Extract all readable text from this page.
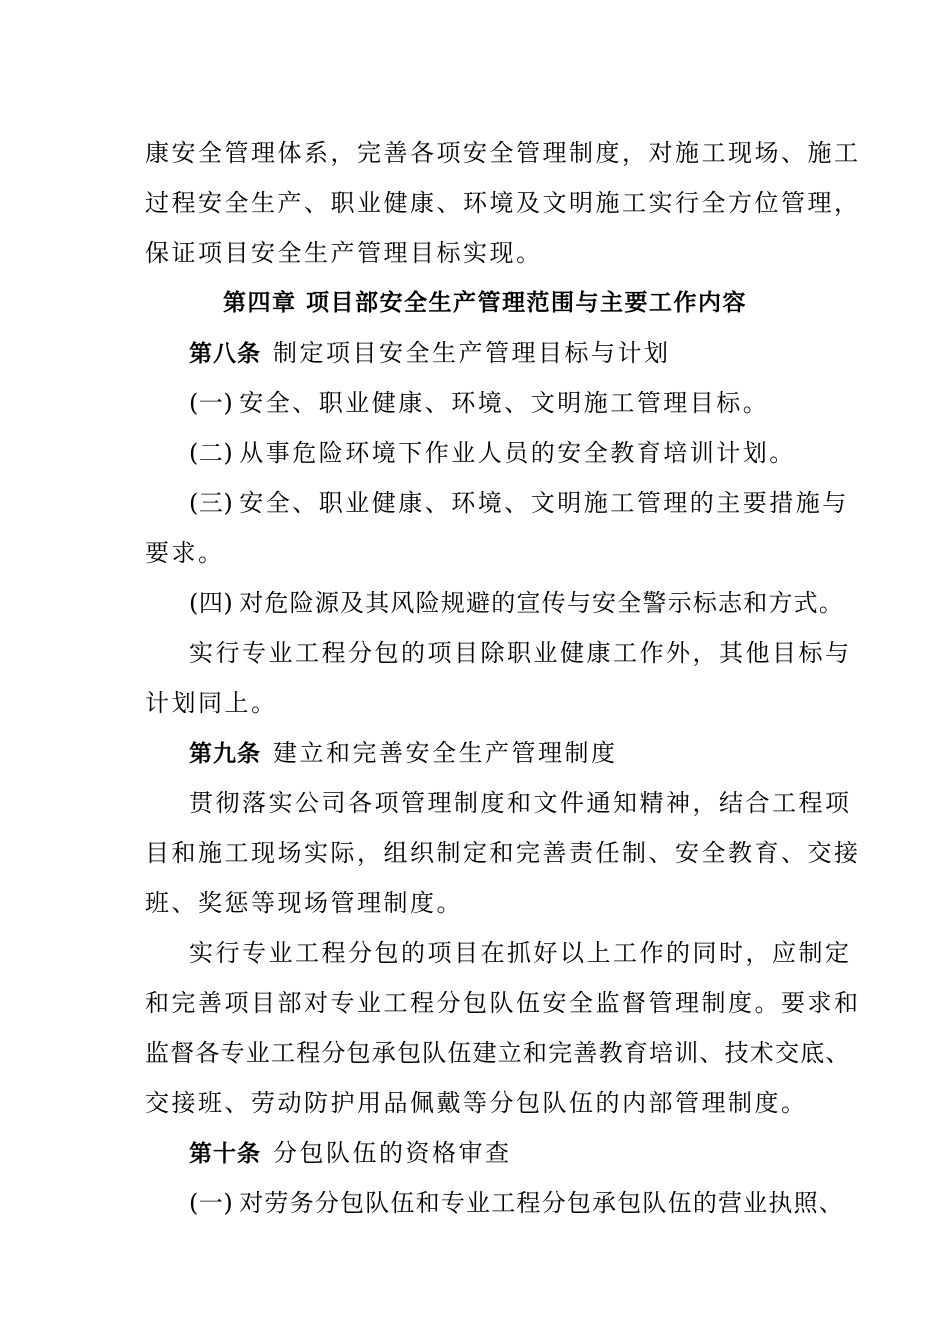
康安全管理体系，完善各项安全管理制度，对施工现场、施工
过程安全生产、职业健康、环境及文明施工实行全方位管理，
保证项目安全生产管理目标实现。
第四章 项目部安全生产管理范围与主要工作内容
第八条 制定项目安全生产管理目标与计划
(一) 安全、职业健康、环境、文明施工管理目标。
(二) 从事危险环境下作业人员的安全教育培训计划。
(三) 安全、职业健康、环境、文明施工管理的主要措施与
要求。
(四) 对危险源及其风险规避的宣传与安全警示标志和方式。
实行专业工程分包的项目除职业健康工作外，其他目标与
计划同上。
第九条 建立和完善安全生产管理制度
贯彻落实公司各项管理制度和文件通知精神，结合工程项
目和施工现场实际，组织制定和完善责任制、安全教育、交接
班、奖惩等现场管理制度。
实行专业工程分包的项目在抓好以上工作的同时，应制定
和完善项目部对专业工程分包队伍安全监督管理制度。要求和
监督各专业工程分包承包队伍建立和完善教育培训、技术交底、
交接班、劳动防护用品佩戴等分包队伍的内部管理制度。
第十条 分包队伍的资格审查
(一) 对劳务分包队伍和专业工程分包承包队伍的营业执照、
